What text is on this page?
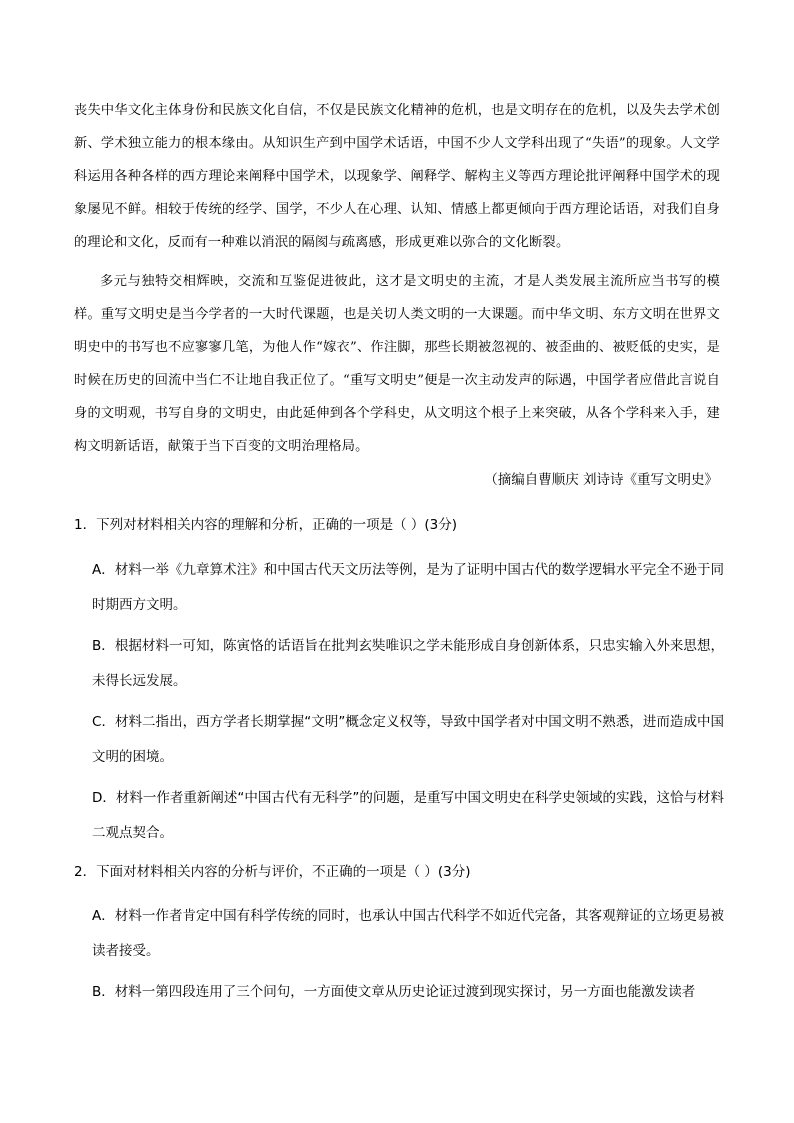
丧失中华文化主体身份和民族文化自信，不仅是民族文化精神的危机，也是文明存在的危机，以及失去学术创新、学术独立能力的根本缘由。从知识生产到中国学术话语，中国不少人文学科出现了“失语”的现象。人文学科运用各种各样的西方理论来阐释中国学术，以现象学、阐释学、解构主义等西方理论批评阐释中国学术的现象屡见不鲜。相较于传统的经学、国学，不少人在心理、认知、情感上都更倾向于西方理论话语，对我们自身的理论和文化，反而有一种难以消泯的隔阂与疏离感，形成更难以弥合的文化断裂。
多元与独特交相辉映，交流和互鉴促进彼此，这才是文明史的主流，才是人类发展主流所应当书写的模样。重写文明史是当今学者的一大时代课题，也是关切人类文明的一大课题。而中华文明、东方文明在世界文明史中的书写也不应寥寥几笔，为他人作“嫁衣”、作注脚，那些长期被忽视的、被歪曲的、被贬低的史实，是时候在历史的回流中当仁不让地自我正位了。“重写文明史”便是一次主动发声的际遇，中国学者应借此言说自身的文明观，书写自身的文明史，由此延伸到各个学科史，从文明这个根子上来突破，从各个学科来入手，建构文明新话语，献策于当下百变的文明治理格局。
（摘编自曹顺庆 刘诗诗《重写文明史》
1．下列对材料相关内容的理解和分析，正确的一项是（ ）(3分)
A．材料一举《九章算术注》和中国古代天文历法等例，是为了证明中国古代的数学逻辑水平完全不逊于同时期西方文明。
B．根据材料一可知，陈寅恪的话语旨在批判玄奘唯识之学未能形成自身创新体系，只忠实输入外来思想，未得长远发展。
C．材料二指出，西方学者长期掌握“文明”概念定义权等，导致中国学者对中国文明不熟悉，进而造成中国文明的困境。
D．材料一作者重新阐述“中国古代有无科学”的问题，是重写中国文明史在科学史领域的实践，这恰与材料二观点契合。
2．下面对材料相关内容的分析与评价，不正确的一项是（ ）(3分)
A．材料一作者肯定中国有科学传统的同时，也承认中国古代科学不如近代完备，其客观辩证的立场更易被读者接受。
B．材料一第四段连用了三个问句，一方面使文章从历史论证过渡到现实探讨，另一方面也能激发读者
